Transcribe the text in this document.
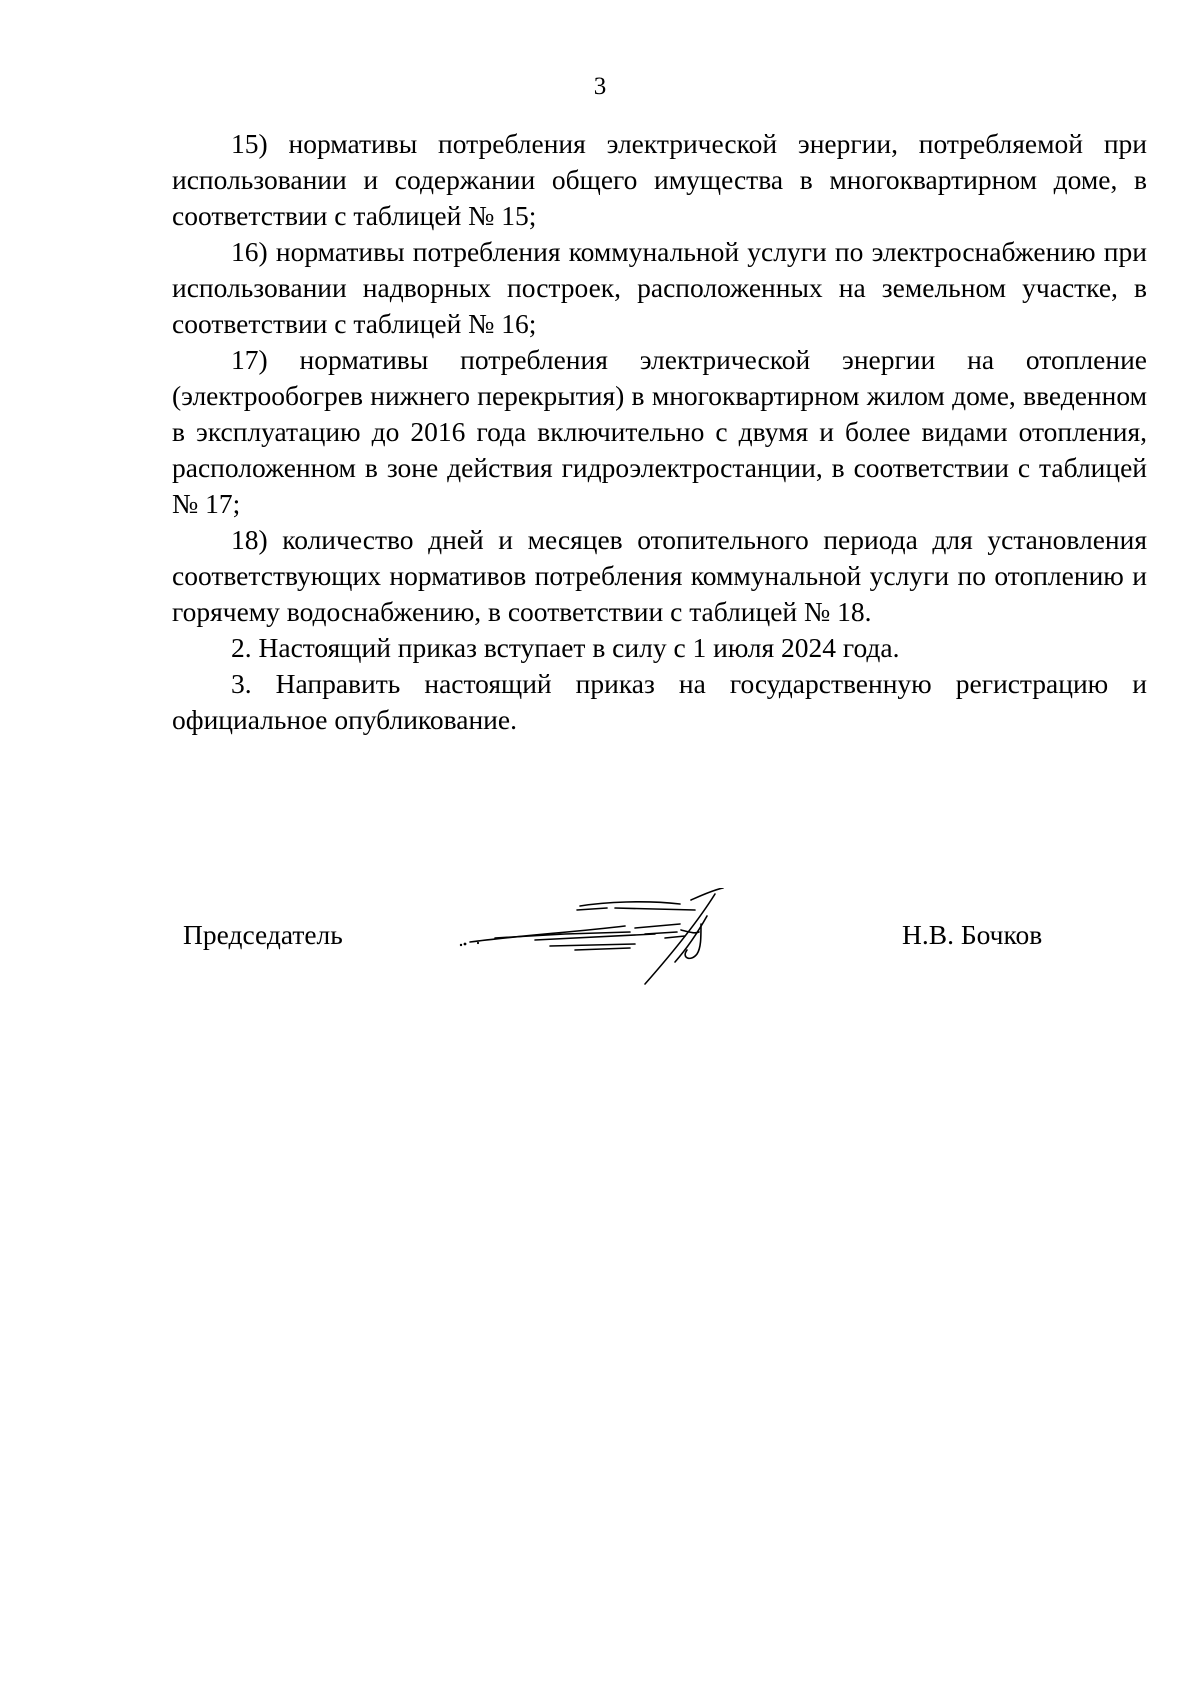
3

15) нормативы потребления электрической энергии, потребляемой при использовании и содержании общего имущества в многоквартирном доме, в соответствии с таблицей № 15;

16) нормативы потребления коммунальной услуги по электроснабжению при использовании надворных построек, расположенных на земельном участке, в соответствии с таблицей № 16;

17) нормативы потребления электрической энергии на отопление (электрообогрев нижнего перекрытия) в многоквартирном жилом доме, введенном в эксплуатацию до 2016 года включительно с двумя и более видами отопления, расположенном в зоне действия гидроэлектростанции, в соответствии с таблицей № 17;

18) количество дней и месяцев отопительного периода для установления соответствующих нормативов потребления коммунальной услуги по отоплению и горячему водоснабжению, в соответствии с таблицей № 18.

2. Настоящий приказ вступает в силу с 1 июля 2024 года.

3. Направить настоящий приказ на государственную регистрацию и официальное опубликование.

Председатель	Н.В. Бочков
